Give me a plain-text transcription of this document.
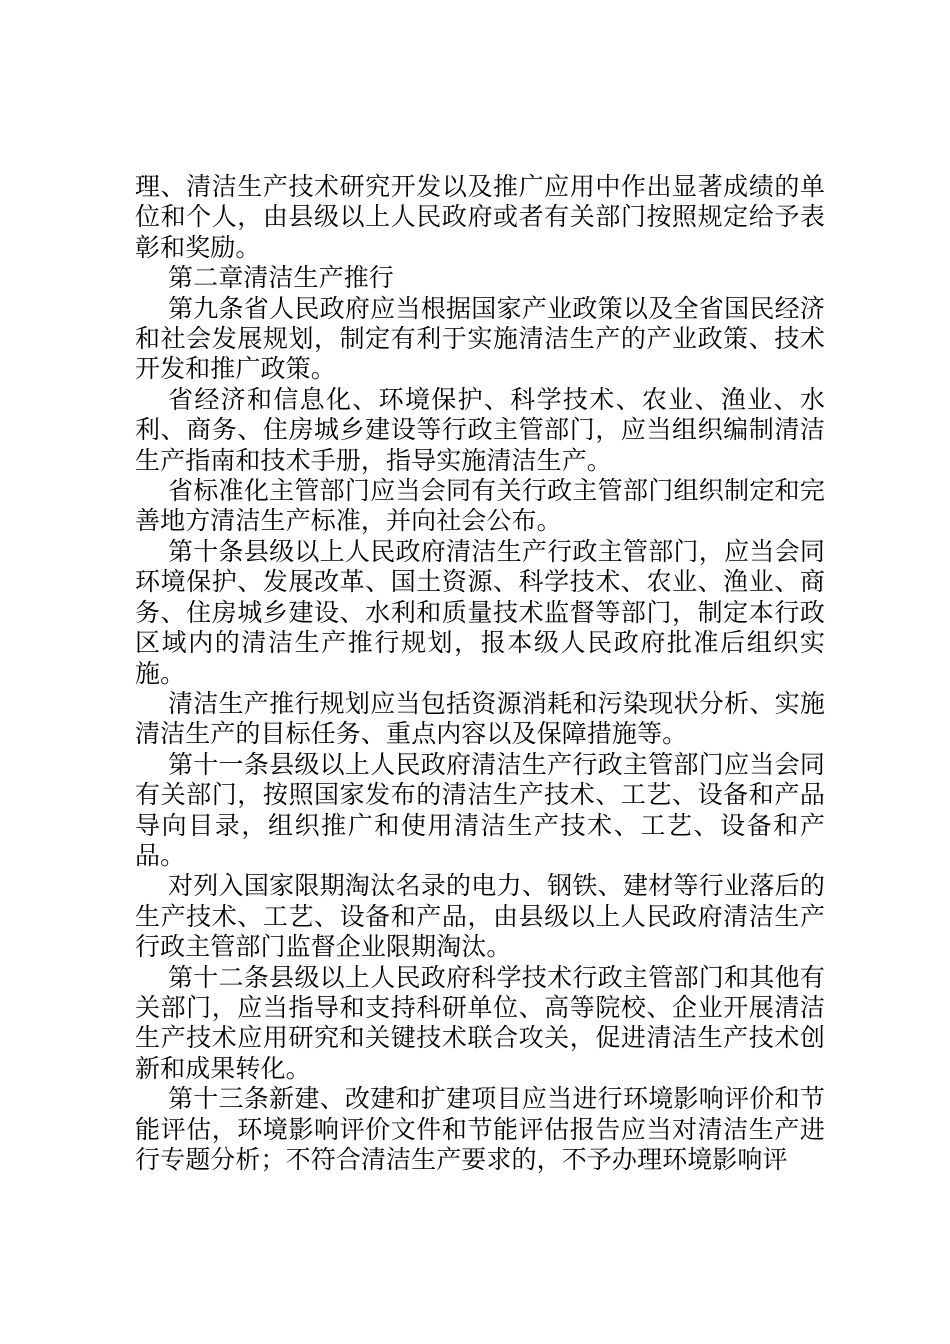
理、清洁生产技术研究开发以及推广应用中作出显著成绩的单位和个人，由县级以上人民政府或者有关部门按照规定给予表彰和奖励。

第二章清洁生产推行

第九条省人民政府应当根据国家产业政策以及全省国民经济和社会发展规划，制定有利于实施清洁生产的产业政策、技术开发和推广政策。

省经济和信息化、环境保护、科学技术、农业、渔业、水利、商务、住房城乡建设等行政主管部门，应当组织编制清洁生产指南和技术手册，指导实施清洁生产。

省标准化主管部门应当会同有关行政主管部门组织制定和完善地方清洁生产标准，并向社会公布。

第十条县级以上人民政府清洁生产行政主管部门，应当会同环境保护、发展改革、国土资源、科学技术、农业、渔业、商务、住房城乡建设、水利和质量技术监督等部门，制定本行政区域内的清洁生产推行规划，报本级人民政府批准后组织实施。

清洁生产推行规划应当包括资源消耗和污染现状分析、实施清洁生产的目标任务、重点内容以及保障措施等。

第十一条县级以上人民政府清洁生产行政主管部门应当会同有关部门，按照国家发布的清洁生产技术、工艺、设备和产品导向目录，组织推广和使用清洁生产技术、工艺、设备和产品。

对列入国家限期淘汰名录的电力、钢铁、建材等行业落后的生产技术、工艺、设备和产品，由县级以上人民政府清洁生产行政主管部门监督企业限期淘汰。

第十二条县级以上人民政府科学技术行政主管部门和其他有关部门，应当指导和支持科研单位、高等院校、企业开展清洁生产技术应用研究和关键技术联合攻关，促进清洁生产技术创新和成果转化。

第十三条新建、改建和扩建项目应当进行环境影响评价和节能评估，环境影响评价文件和节能评估报告应当对清洁生产进行专题分析；不符合清洁生产要求的，不予办理环境影响评
